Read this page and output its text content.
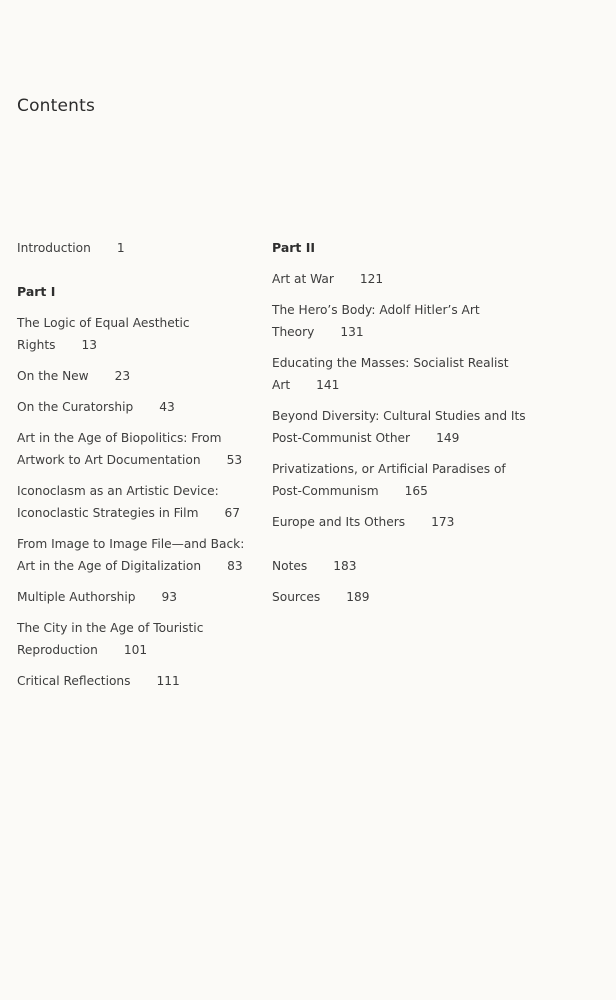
Contents
Introduction 1
Part I
The Logic of Equal Aesthetic
Rights 13
On the New 23
On the Curatorship 43
Art in the Age of Biopolitics: From
Artwork to Art Documentation 53
Iconoclasm as an Artistic Device:
Iconoclastic Strategies in Film 67
From Image to Image File—and Back:
Art in the Age of Digitalization 83
Multiple Authorship 93
The City in the Age of Touristic
Reproduction 101
Critical Reflections 111
Part II
Art at War 121
The Hero’s Body: Adolf Hitler’s Art
Theory 131
Educating the Masses: Socialist Realist
Art 141
Beyond Diversity: Cultural Studies and Its
Post-Communist Other 149
Privatizations, or Artificial Paradises of
Post-Communism 165
Europe and Its Others 173
Notes 183
Sources 189
